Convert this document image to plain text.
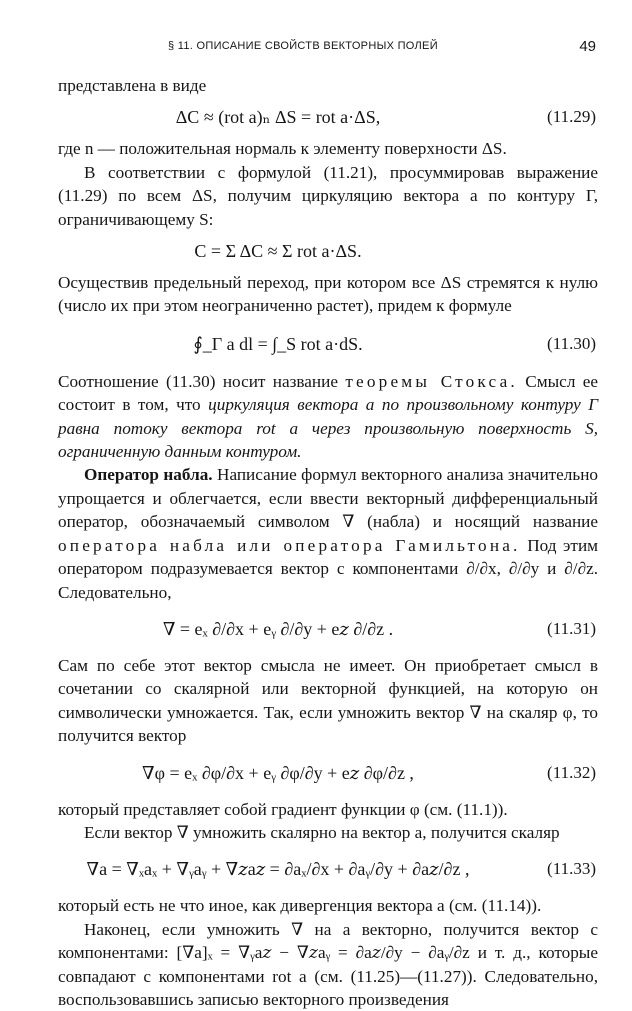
§ 11. ОПИСАНИЕ СВОЙСТВ ВЕКТОРНЫХ ПОЛЕЙ	49

представлена в виде

ΔC ≈ (rot a)ₙ ΔS = rot a·ΔS,	(11.29)

где n — положительная нормаль к элементу поверхности ΔS.

В соответствии с формулой (11.21), просуммировав выражение (11.29) по всем ΔS, получим циркуляцию вектора a по контуру Γ, ограничивающему S:

C = Σ ΔC ≈ Σ rot a·ΔS.

Осуществив предельный переход, при котором все ΔS стремятся к нулю (число их при этом неограниченно растет), придем к формуле

∮_Γ a dl = ∫_S rot a·dS.	(11.30)

Соотношение (11.30) носит название теоремы Стокса. Смысл ее состоит в том, что циркуляция вектора a по произвольному контуру Γ равна потоку вектора rot a через произвольную поверхность S, ограниченную данным контуром.

Оператор набла. Написание формул векторного анализа значительно упрощается и облегчается, если ввести векторный дифференциальный оператор, обозначаемый символом ∇ (набла) и носящий название оператора набла или оператора Гамильтона. Под этим оператором подразумевается вектор с компонентами ∂/∂x, ∂/∂y и ∂/∂z. Следовательно,

∇ = eₓ ∂/∂x + eᵧ ∂/∂y + e𝑧 ∂/∂z .	(11.31)

Сам по себе этот вектор смысла не имеет. Он приобретает смысл в сочетании со скалярной или векторной функцией, на которую он символически умножается. Так, если умножить вектор ∇ на скаляр φ, то получится вектор

∇φ = eₓ ∂φ/∂x + eᵧ ∂φ/∂y + e𝑧 ∂φ/∂z ,	(11.32)

который представляет собой градиент функции φ (см. (11.1)).

Если вектор ∇ умножить скалярно на вектор a, получится скаляр

∇a = ∇ₓaₓ + ∇ᵧaᵧ + ∇𝑧a𝑧 = ∂aₓ/∂x + ∂aᵧ/∂y + ∂a𝑧/∂z ,	(11.33)

который есть не что иное, как дивергенция вектора a (см. (11.14)).

Наконец, если умножить ∇ на a векторно, получится вектор с компонентами: [∇a]ₓ = ∇ᵧa𝑧 − ∇𝑧aᵧ = ∂a𝑧/∂y − ∂aᵧ/∂z и т. д., которые совпадают с компонентами rot a (см. (11.25)—(11.27)). Следовательно, воспользовавшись записью векторного произведения
